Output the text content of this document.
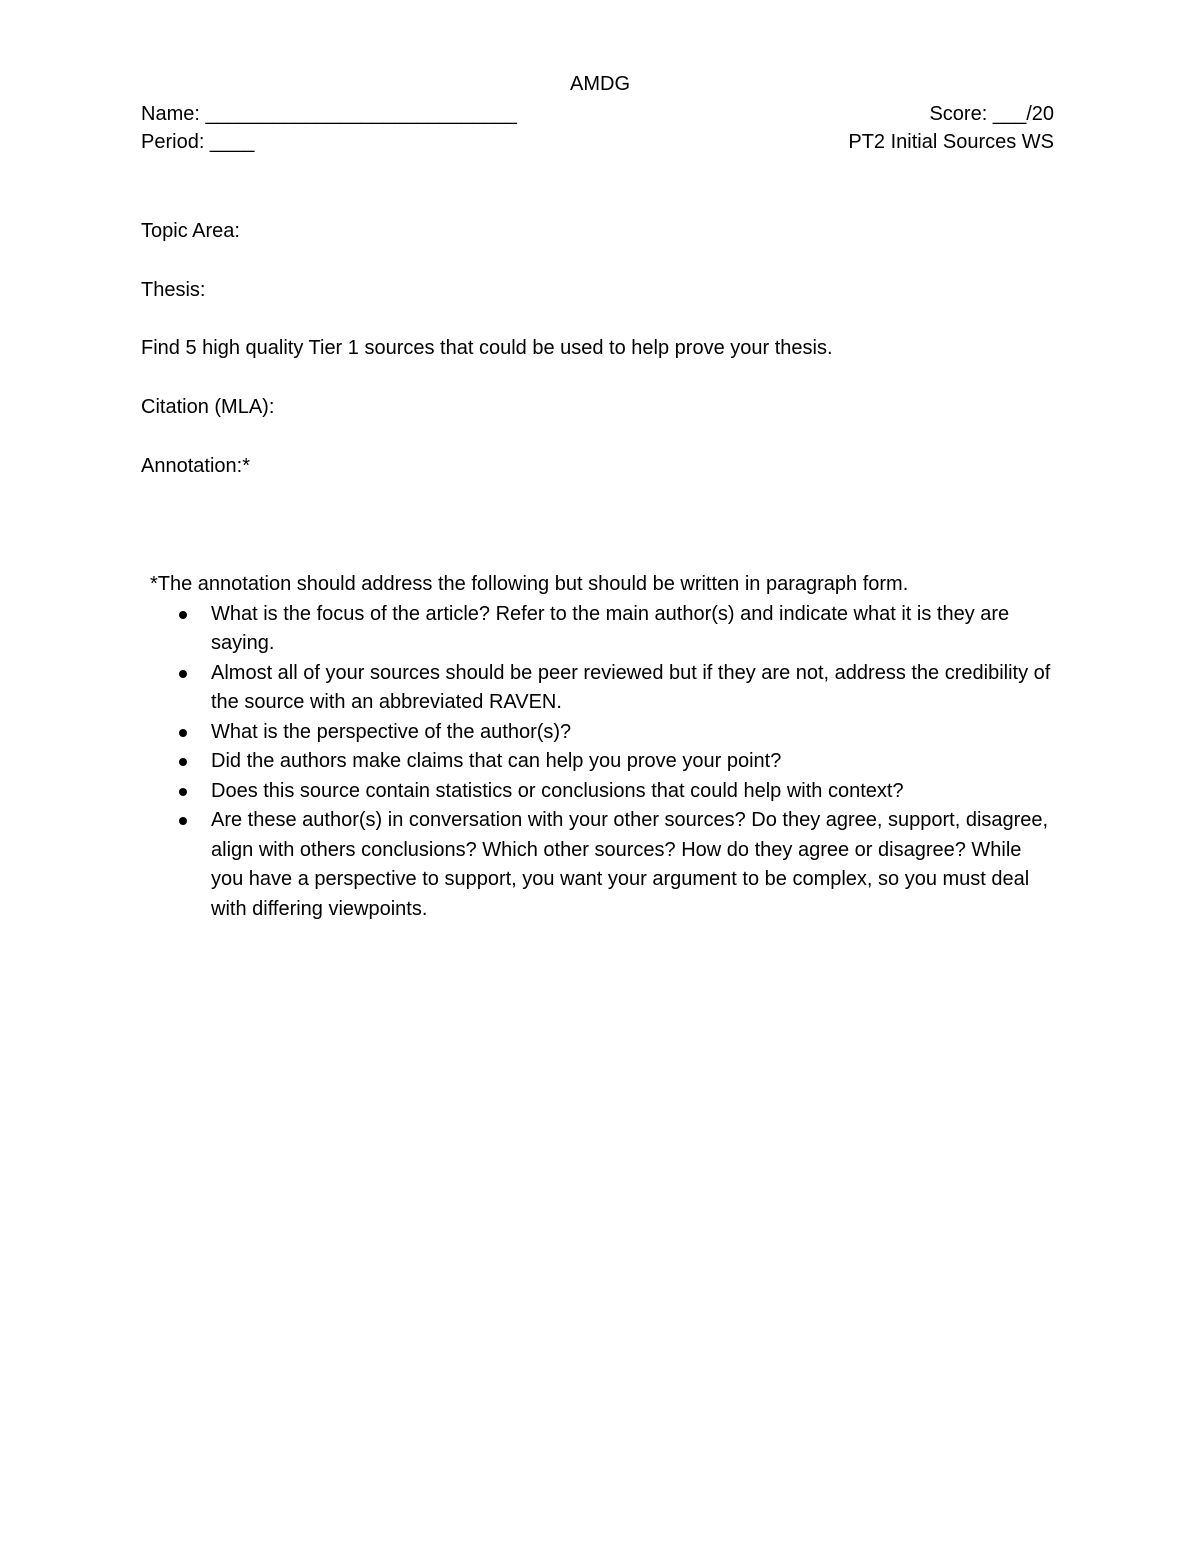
AMDG
Name: ____________________________	Score: ___/20
Period: ____	PT2 Initial Sources WS
Topic Area:
Thesis:
Find 5 high quality Tier 1 sources that could be used to help prove your thesis.
Citation (MLA):
Annotation:*
*The annotation should address the following but should be written in paragraph form.
What is the focus of the article? Refer to the main author(s) and indicate what it is they are saying.
Almost all of your sources should be peer reviewed but if they are not, address the credibility of the source with an abbreviated RAVEN.
What is the perspective of the author(s)?
Did the authors make claims that can help you prove your point?
Does this source contain statistics or conclusions that could help with context?
Are these author(s) in conversation with your other sources? Do they agree, support, disagree, align with others conclusions? Which other sources? How do they agree or disagree? While you have a perspective to support, you want your argument to be complex, so you must deal with differing viewpoints.
